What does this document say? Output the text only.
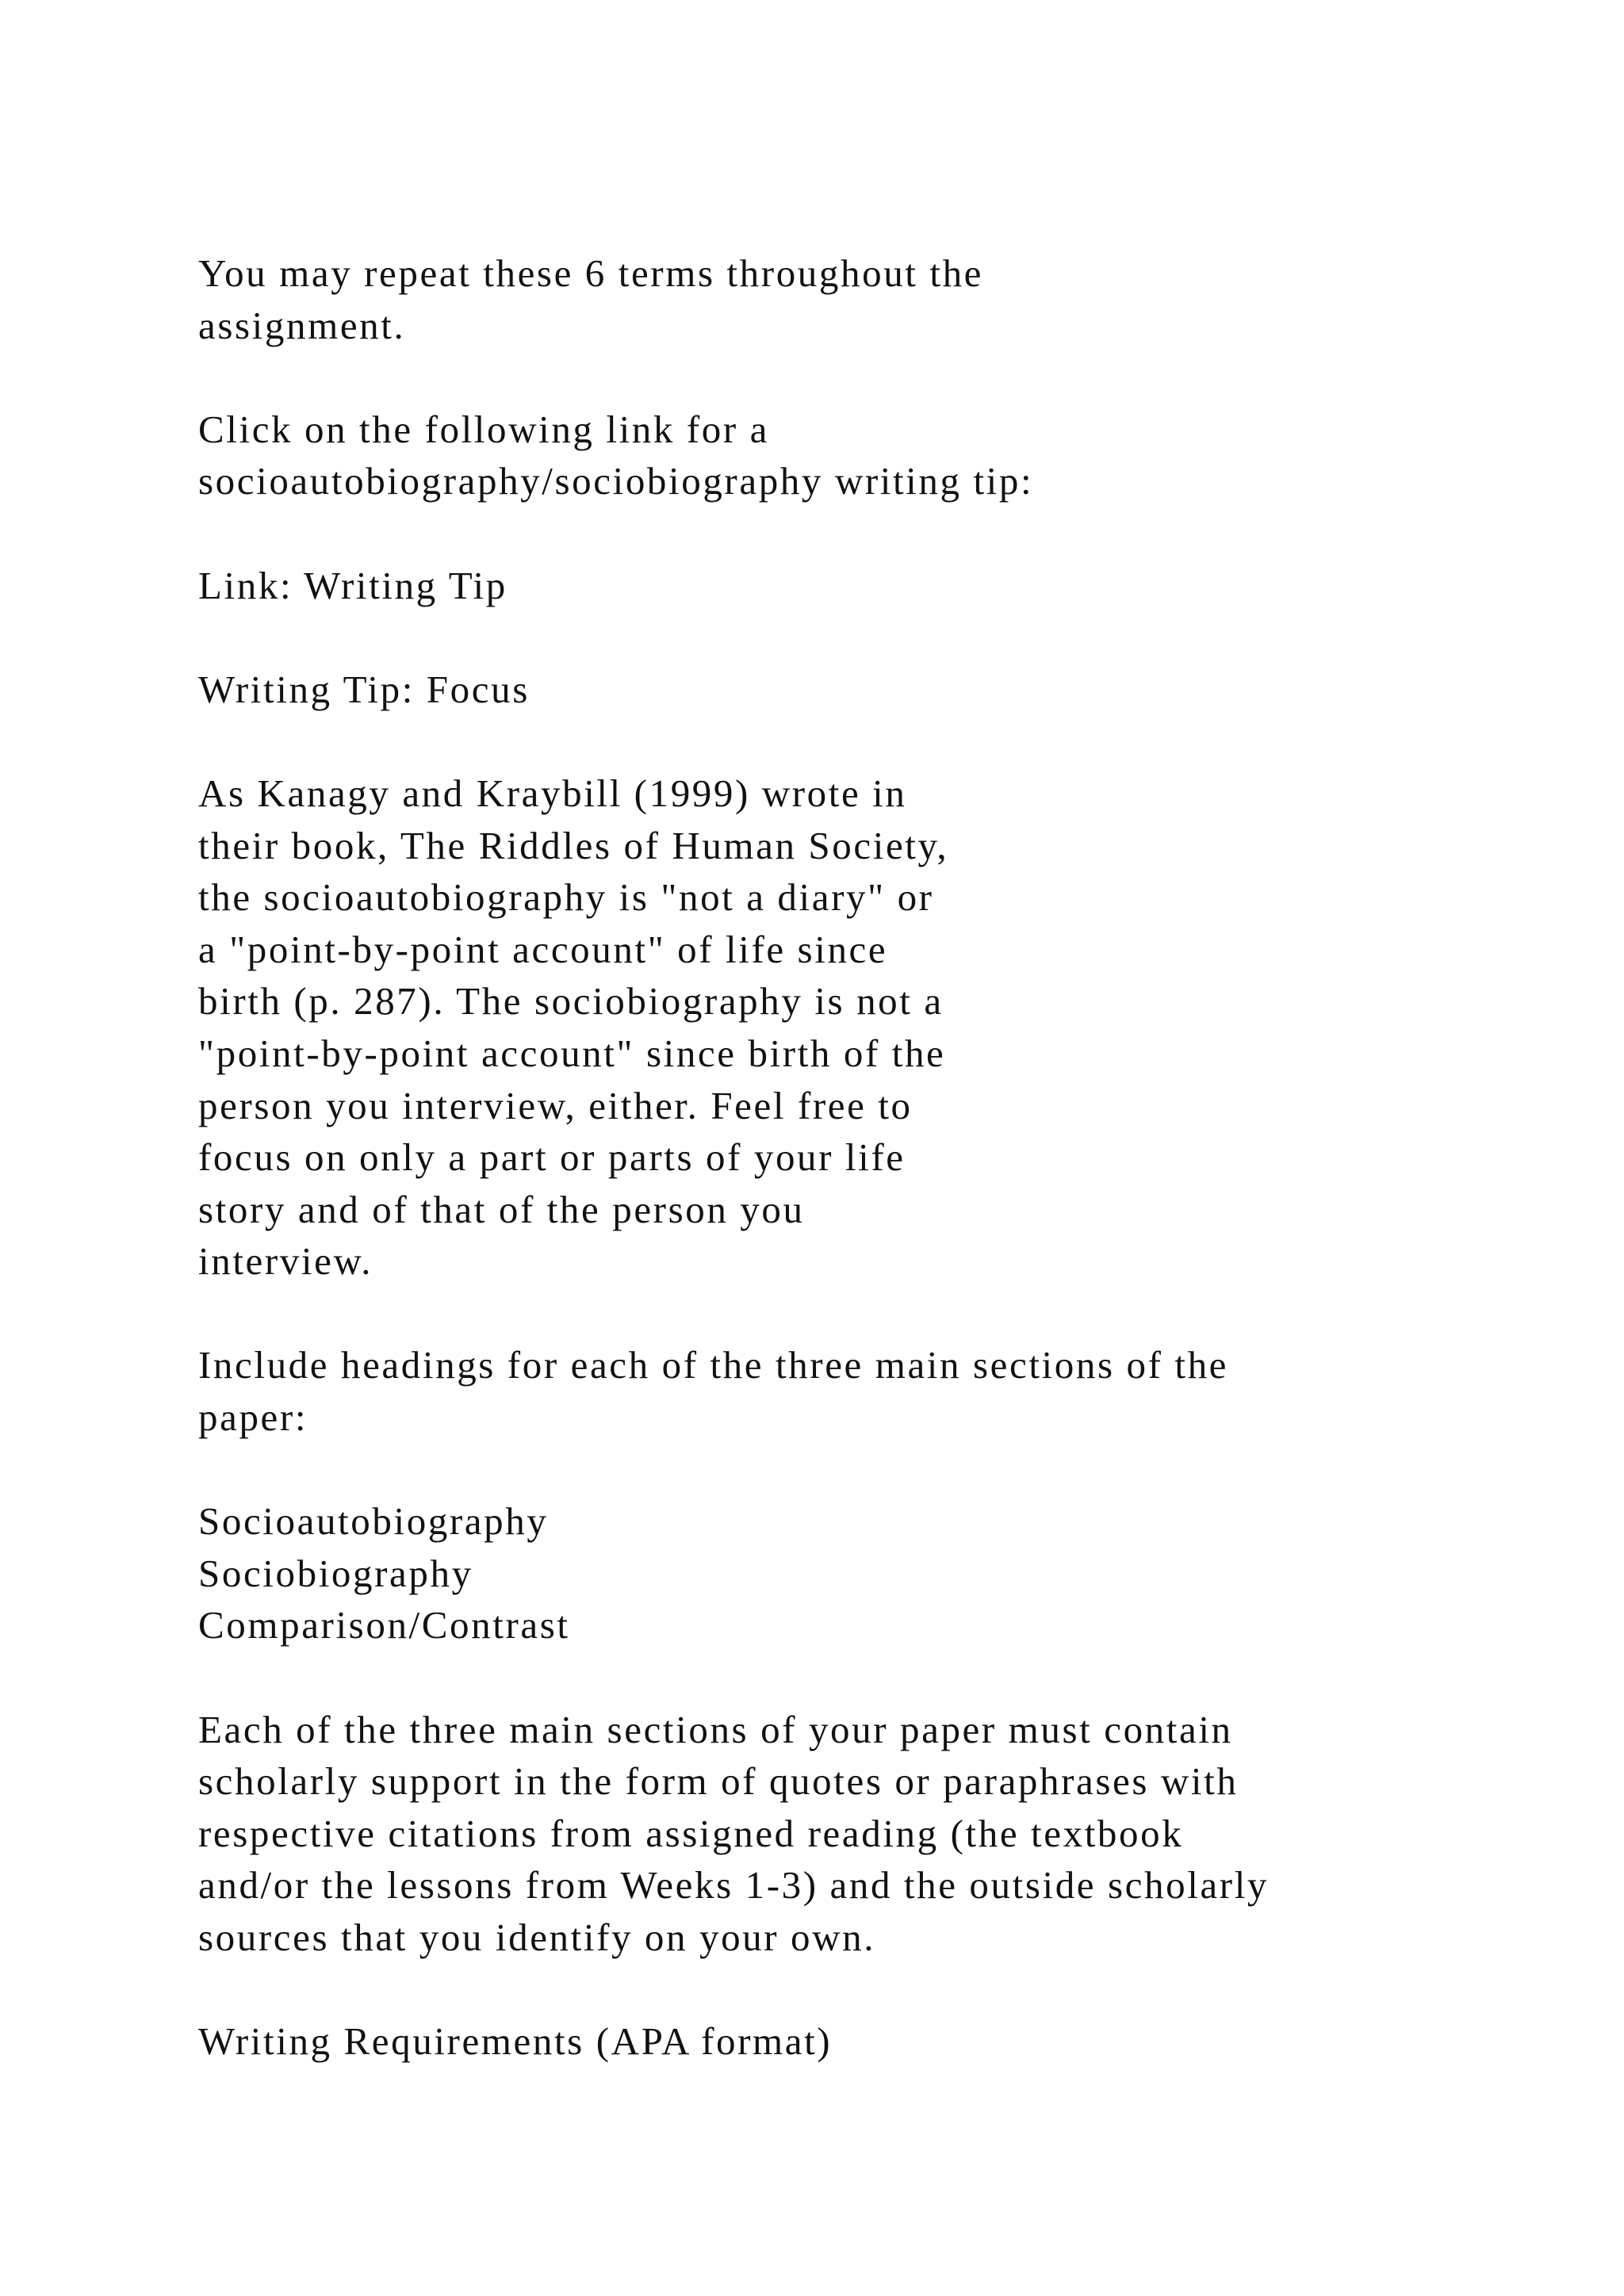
You may repeat these 6 terms throughout the
assignment.
Click on the following link for a
socioautobiography/sociobiography writing tip:
Link: Writing Tip
Writing Tip: Focus
As Kanagy and Kraybill (1999) wrote in
their book, The Riddles of Human Society,
the socioautobiography is "not a diary" or
a "point-by-point account" of life since
birth (p. 287). The sociobiography is not a
"point-by-point account" since birth of the
person you interview, either. Feel free to
focus on only a part or parts of your life
story and of that of the person you
interview.
Include headings for each of the three main sections of the
paper:
Socioautobiography
Sociobiography
Comparison/Contrast
Each of the three main sections of your paper must contain
scholarly support in the form of quotes or paraphrases with
respective citations from assigned reading (the textbook
and/or the lessons from Weeks 1-3) and the outside scholarly
sources that you identify on your own.
Writing Requirements (APA format)
